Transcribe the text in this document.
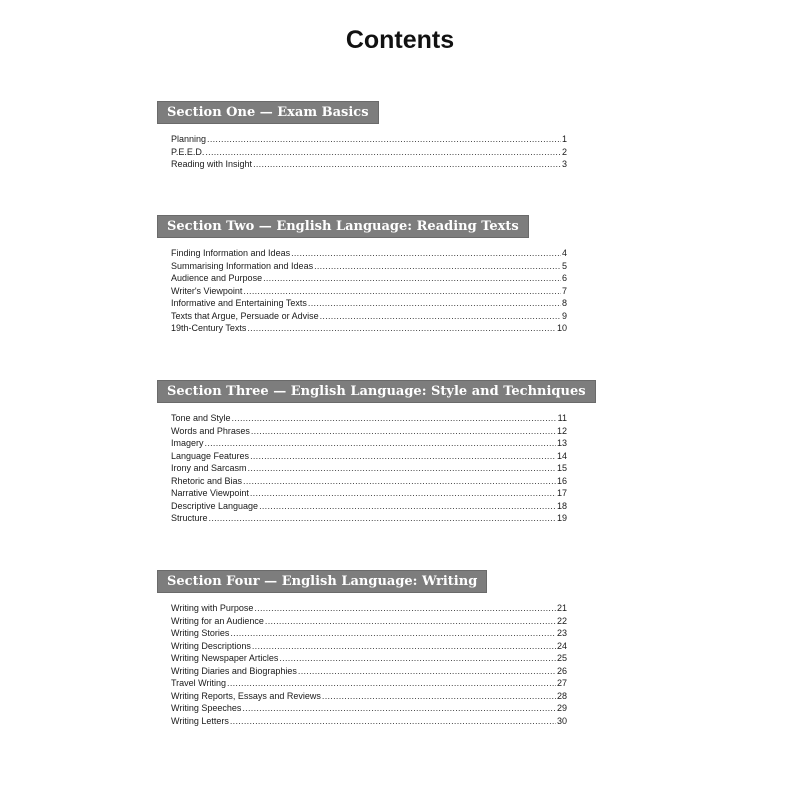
Contents
Section One — Exam Basics
Planning .....	1
P.E.E.D. .....	2
Reading with Insight .....	3
Section Two — English Language: Reading Texts
Finding Information and Ideas .....	4
Summarising Information and Ideas .....	5
Audience and Purpose .....	6
Writer's Viewpoint .....	7
Informative and Entertaining Texts .....	8
Texts that Argue, Persuade or Advise .....	9
19th-Century Texts .....	10
Section Three — English Language: Style and Techniques
Tone and Style .....	11
Words and Phrases .....	12
Imagery .....	13
Language Features .....	14
Irony and Sarcasm .....	15
Rhetoric and Bias .....	16
Narrative Viewpoint .....	17
Descriptive Language .....	18
Structure .....	19
Section Four — English Language: Writing
Writing with Purpose .....	21
Writing for an Audience .....	22
Writing Stories .....	23
Writing Descriptions .....	24
Writing Newspaper Articles .....	25
Writing Diaries and Biographies .....	26
Travel Writing .....	27
Writing Reports, Essays and Reviews .....	28
Writing Speeches .....	29
Writing Letters .....	30
